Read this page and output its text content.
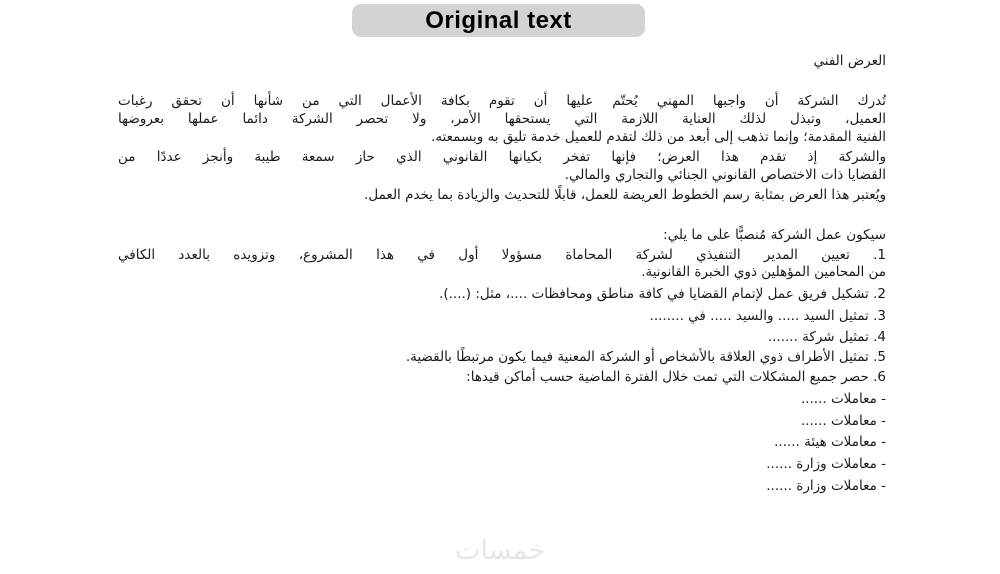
Original text
العرض الفني
تُدرك الشركة أن واجبها المهني يُحتّم عليها أن تقوم بكافة الأعمال التي من شأنها أن تحقق رغبات
العميل، وتبذل لذلك العناية اللازمة التي يستحقها الأمر، ولا تحصر الشركة دائما عملها بعروضها
الفنية المقدمة؛ وإنما تذهب إلى أبعد من ذلك لتقدم للعميل خدمة تليق به وبسمعته.
والشركة إذ تقدم هذا العرض؛ فإنها تفخر بكيانها القانوني الذي حاز سمعة طيبة وأنجز عددًا من
القضايا ذات الاختصاص القانوني الجنائي والتجاري والمالي.
ويُعتبر هذا العرض بمثابة رسم الخطوط العريضة للعمل، قابلًا للتحديث والزيادة بما يخدم العمل.
سيكون عمل الشركة مُنصبًّا على ما يلي:
1. تعيين المدير التنفيذي لشركة المحاماة مسؤولا أول في هذا المشروع، وتزويده بالعدد الكافي
من المحامين المؤهلين ذوي الخبرة القانونية.
2. تشكيل فريق عمل لإتمام القضايا في كافة مناطق ومحافظات ....، مثل: (....).
3. تمثيل السيد ..... والسيد ..... في ........
4. تمثيل شركة .......
5. تمثيل الأطراف ذوي العلاقة بالأشخاص أو الشركة المعنية فيما يكون مرتبطًا بالقضية.
6. حصر جميع المشكلات التي تمت خلال الفترة الماضية حسب أماكن قيدها:
- معاملات ......
- معاملات ......
- معاملات هيئة ......
- معاملات وزارة ......
- معاملات وزارة ......
خمسات
